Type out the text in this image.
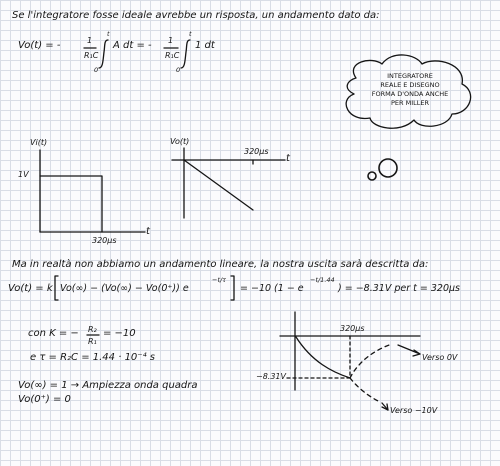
Se l'integratore fosse ideale avrebbe un risposta, un andamento dato da:
Vo(t) = -	1
R₁C
t
0
A dt = - 1
R₁C
t
0
1 dt
INTEGRATORE
REALE E DISEGNO
FORMA D'ONDA ANCHE
PER MILLER
Vi(t)
1V
320μs
t
Vo(t)
320μs
t
Ma in realtà non abbiamo un andamento lineare, la nostra uscita sarà descritta da:
Vo(t) = k Vo(∞) − (Vo(∞) − Vo(0⁺)) e
−t/τ
= −10 (1 − e
−t/1.44
) = −8.31V per t = 320μs
con K = − R₂
R₁
= −10
e τ = R₂C = 1.44 · 10⁻⁴ s
Vo(∞) = 1 → Ampiezza onda quadra
Vo(0⁺) = 0
320μs
−8.31V
Verso 0V
Verso −10V
